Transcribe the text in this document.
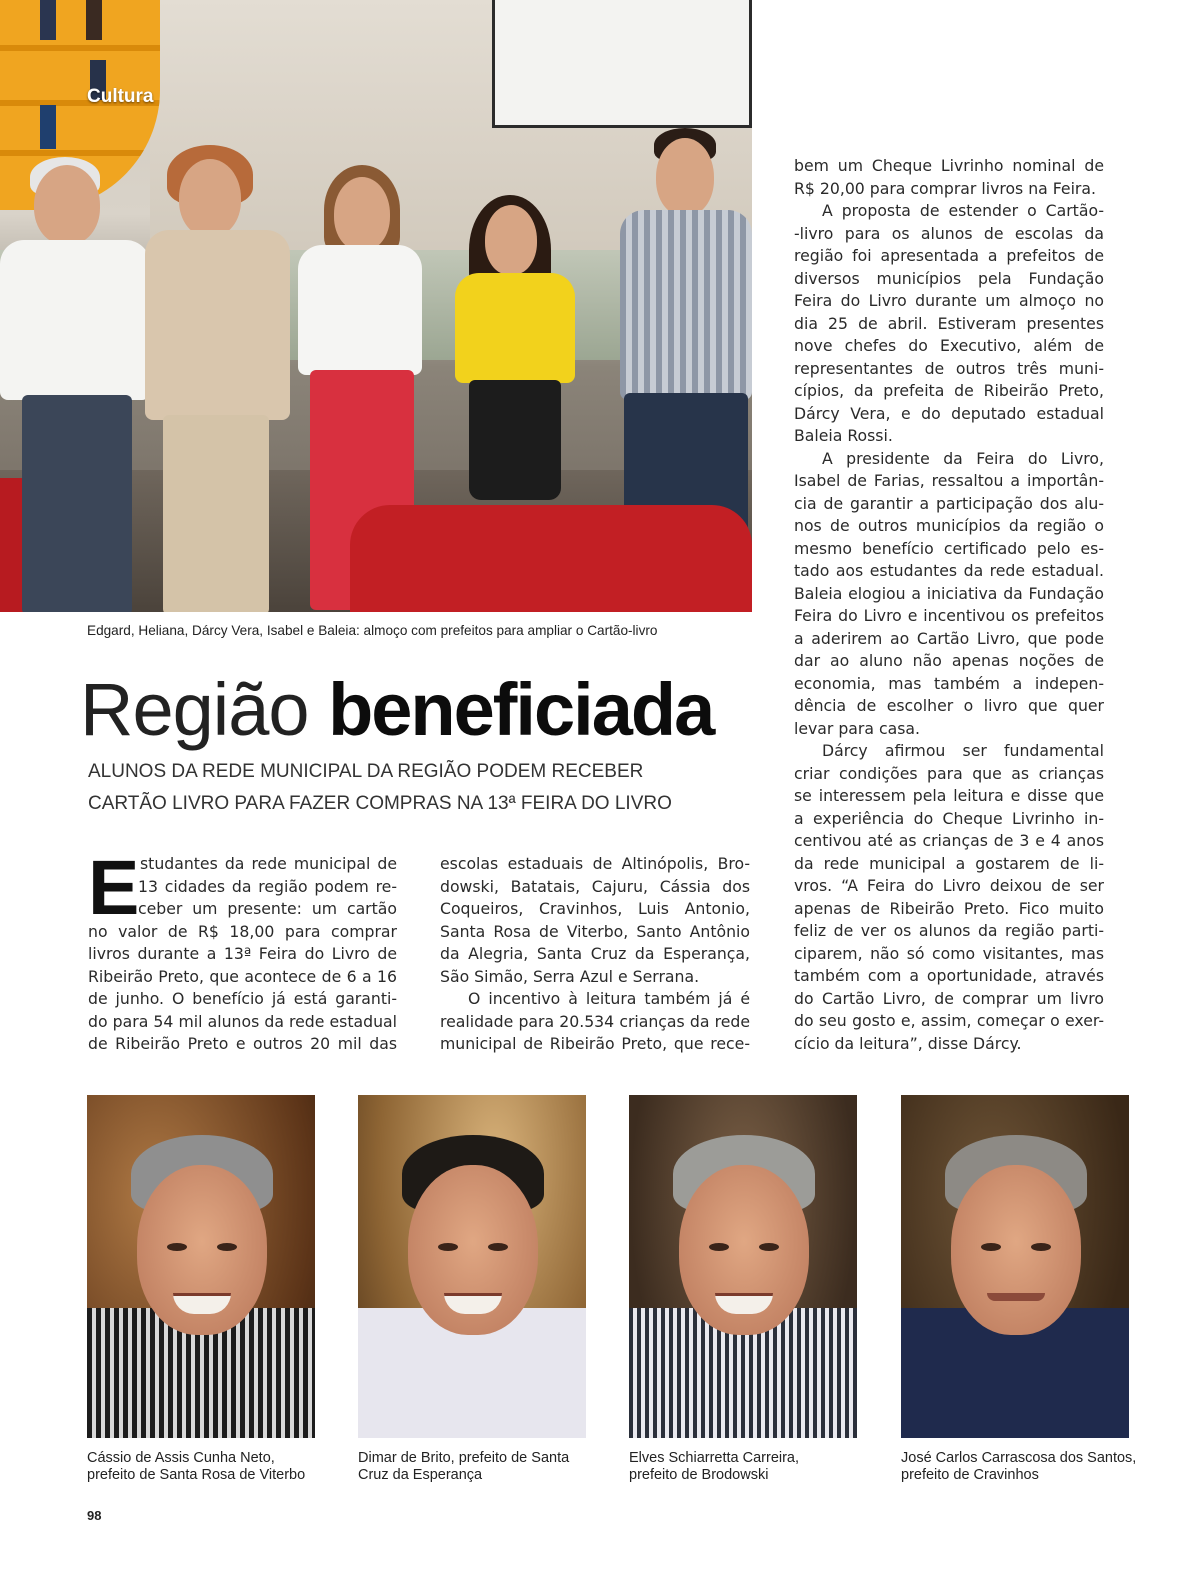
Cultura
Edgard, Heliana, Dárcy Vera, Isabel e Baleia: almoço com prefeitos para ampliar o Cartão-livro
Região beneficiada
ALUNOS DA REDE MUNICIPAL DA REGIÃO PODEM RECEBER
CARTÃO LIVRO PARA FAZER COMPRAS NA 13ª FEIRA DO LIVRO
E studantes da rede municipal de
13 cidades da região podem re-
ceber um presente: um cartão
no valor de R$ 18,00 para comprar
livros durante a 13ª Feira do Livro de
Ribeirão Preto, que acontece de 6 a 16
de junho. O benefício já está garanti-
do para 54 mil alunos da rede estadual
de Ribeirão Preto e outros 20 mil das
escolas estaduais de Altinópolis, Bro-
dowski, Batatais, Cajuru, Cássia dos
Coqueiros, Cravinhos, Luis Antonio,
Santa Rosa de Viterbo, Santo Antônio
da Alegria, Santa Cruz da Esperança,
São Simão, Serra Azul e Serrana.
O incentivo à leitura também já é
realidade para 20.534 crianças da rede
municipal de Ribeirão Preto, que rece-
bem um Cheque Livrinho nominal de
R$ 20,00 para comprar livros na Feira.
A proposta de estender o Cartão-
-livro para os alunos de escolas da
região foi apresentada a prefeitos de
diversos municípios pela Fundação
Feira do Livro durante um almoço no
dia 25 de abril. Estiveram presentes
nove chefes do Executivo, além de
representantes de outros três muni-
cípios, da prefeita de Ribeirão Preto,
Dárcy Vera, e do deputado estadual
Baleia Rossi.
A presidente da Feira do Livro,
Isabel de Farias, ressaltou a importân-
cia de garantir a participação dos alu-
nos de outros municípios da região o
mesmo benefício certificado pelo es-
tado aos estudantes da rede estadual.
Baleia elogiou a iniciativa da Fundação
Feira do Livro e incentivou os prefeitos
a aderirem ao Cartão Livro, que pode
dar ao aluno não apenas noções de
economia, mas também a indepen-
dência de escolher o livro que quer
levar para casa.
Dárcy afirmou ser fundamental
criar condições para que as crianças
se interessem pela leitura e disse que
a experiência do Cheque Livrinho in-
centivou até as crianças de 3 e 4 anos
da rede municipal a gostarem de li-
vros. “A Feira do Livro deixou de ser
apenas de Ribeirão Preto. Fico muito
feliz de ver os alunos da região parti-
ciparem, não só como visitantes, mas
também com a oportunidade, através
do Cartão Livro, de comprar um livro
do seu gosto e, assim, começar o exer-
cício da leitura”, disse Dárcy.
Cássio de Assis Cunha Neto,
prefeito de Santa Rosa de Viterbo
Dimar de Brito, prefeito de Santa
Cruz da Esperança
Elves Schiarretta Carreira,
prefeito de Brodowski
José Carlos Carrascosa dos Santos,
prefeito de Cravinhos
98
